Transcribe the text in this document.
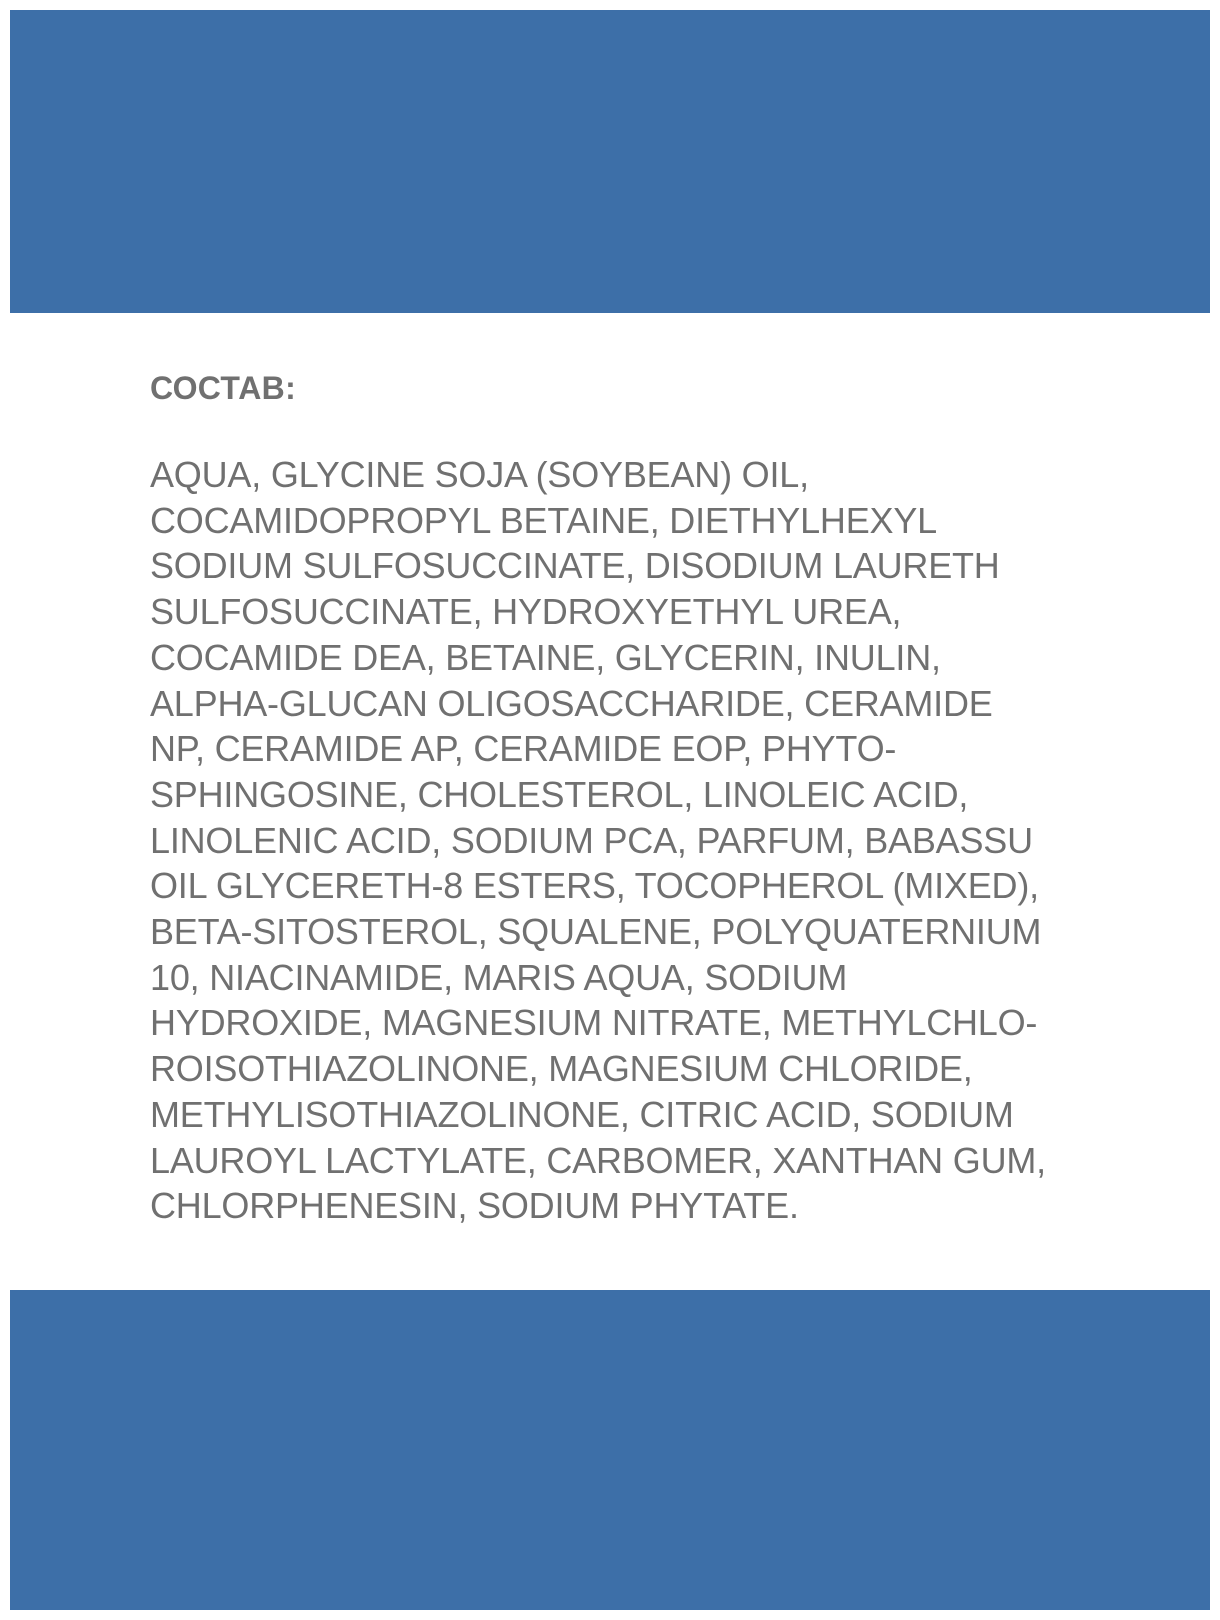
СОСТАВ:
AQUA, GLYCINE SOJA (SOYBEAN) OIL,
COCAMIDOPROPYL BETAINE, DIETHYLHEXYL
SODIUM SULFOSUCCINATE, DISODIUM LAURETH
SULFOSUCCINATE, HYDROXYETHYL UREA,
COCAMIDE DEA, BETAINE, GLYCERIN, INULIN,
ALPHA-GLUCAN OLIGOSACCHARIDE, CERAMIDE
NP, CERAMIDE AP, CERAMIDE EOP, PHYTO-
SPHINGOSINE, CHOLESTEROL, LINOLEIC ACID,
LINOLENIC ACID, SODIUM PCA, PARFUM, BABASSU
OIL GLYCERETH-8 ESTERS, TOCOPHEROL (MIXED),
BETA-SITOSTEROL, SQUALENE, POLYQUATERNIUM
10, NIACINAMIDE, MARIS AQUA, SODIUM
HYDROXIDE, MAGNESIUM NITRATE, METHYLCHLO-
ROISOTHIAZOLINONE, MAGNESIUM CHLORIDE,
METHYLISOTHIAZOLINONE, CITRIC ACID, SODIUM
LAUROYL LACTYLATE, CARBOMER, XANTHAN GUM,
CHLORPHENESIN, SODIUM PHYTATE.
